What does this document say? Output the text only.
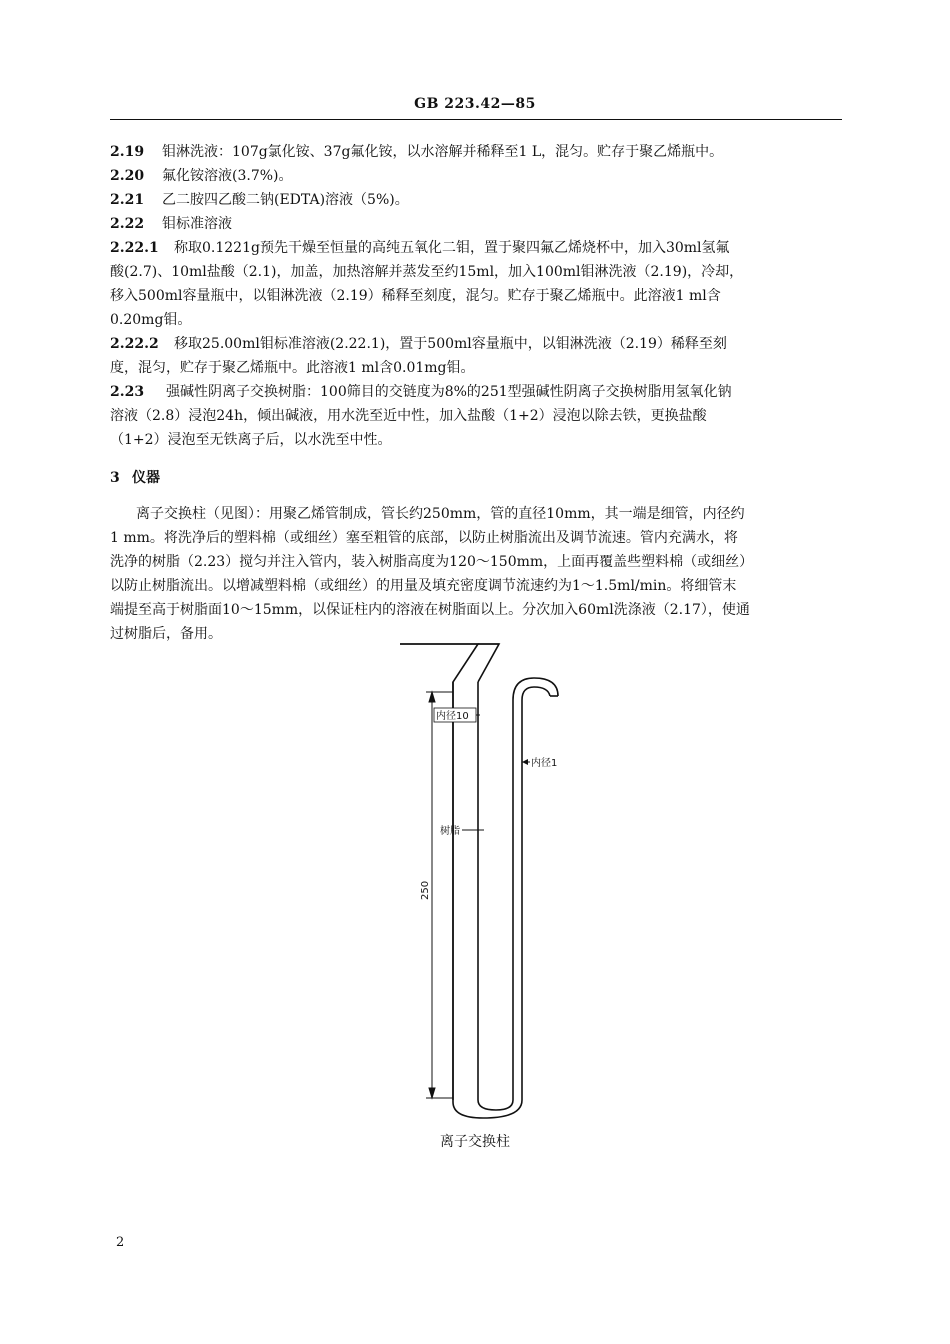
GB 223.42—85

2.19 钼淋洗液：107g氯化铵、37g氟化铵，以水溶解并稀释至1 L，混匀。贮存于聚乙烯瓶中。

2.20 氟化铵溶液(3.7%)。

2.21 乙二胺四乙酸二钠(EDTA)溶液（5%)。

2.22 钼标准溶液

2.22.1 称取0.1221g预先干燥至恒量的高纯五氧化二钼，置于聚四氟乙烯烧杯中，加入30ml氢氟

酸(2.7)、10ml盐酸（2.1)，加盖，加热溶解并蒸发至约15ml，加入100ml钼淋洗液（2.19)，冷却，

移入500ml容量瓶中，以钼淋洗液（2.19）稀释至刻度，混匀。贮存于聚乙烯瓶中。此溶液1 ml含

0.20mg钼。

2.22.2 移取25.00ml钼标准溶液(2.22.1)，置于500ml容量瓶中，以钼淋洗液（2.19）稀释至刻

度，混匀，贮存于聚乙烯瓶中。此溶液1 ml含0.01mg钼。

2.23 强碱性阴离子交换树脂：100筛目的交链度为8%的251型强碱性阴离子交换树脂用氢氧化钠

溶液（2.8）浸泡24h，倾出碱液，用水洗至近中性，加入盐酸（1+2）浸泡以除去铁，更换盐酸

（1+2）浸泡至无铁离子后，以水洗至中性。

3 仪器

离子交换柱（见图）：用聚乙烯管制成，管长约250mm，管的直径10mm，其一端是细管，内径约

1 mm。将洗净后的塑料棉（或细丝）塞至粗管的底部，以防止树脂流出及调节流速。管内充满水，将

洗净的树脂（2.23）搅匀并注入管内，装入树脂高度为120～150mm，上面再覆盖些塑料棉（或细丝）

以防止树脂流出。以增减塑料棉（或细丝）的用量及填充密度调节流速约为1～1.5ml/min。将细管末

端提至高于树脂面10～15mm，以保证柱内的溶液在树脂面以上。分次加入60ml洗涤液（2.17），使通

过树脂后，备用。

内径10
内径1
树脂
250
离子交换柱
2
